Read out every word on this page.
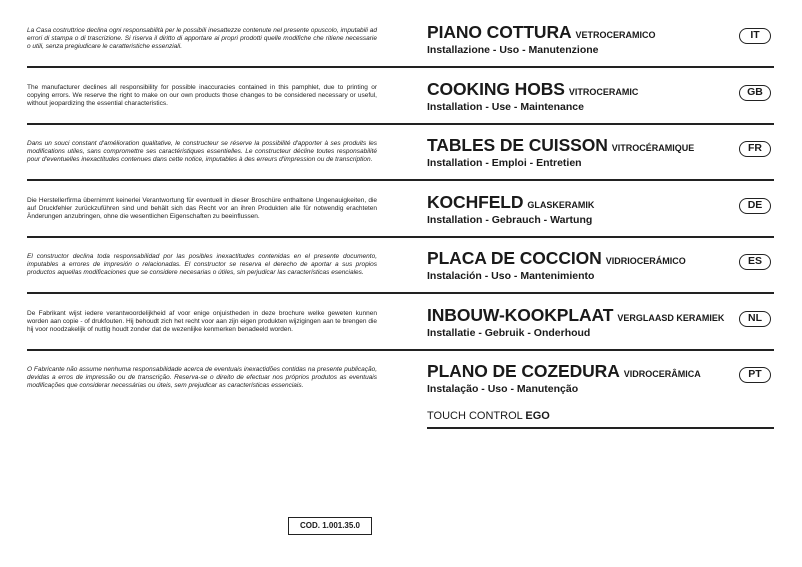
La Casa costruttrice declina ogni responsabilità per le possibili inesattezze contenute nel presente opuscolo, imputabili ad errori di stampa o di trascrizione. Si riserva il diritto di apportare ai propri prodotti quelle modifiche che ritiene necessarie o utili, senza pregiudicare le caratteristiche essenziali.
PIANO COTTURA VETROCERAMICO
Installazione - Uso - Manutenzione
IT
The manufacturer declines all responsibility for possible inaccuracies contained in this pamphlet, due to printing or copying errors. We reserve the right to make on our own products those changes to be considered necessary or useful, without jeopardizing the essential characteristics.
COOKING HOBS VITROCERAMIC
Installation - Use - Maintenance
GB
Dans un souci constant d'amélioration qualitative, le constructeur se réserve la possibilité d'apporter à ses produits les modifications utiles, sans compromettre ses caractéristiques essentielles. Le constructeur décline toutes responsabilité pour d'eventuelles inexactitudes contenues dans cette notice, imputables à des erreurs d'impression ou de transcription.
TABLES DE CUISSON VITROCÉRAMIQUE
Installation - Emploi - Entretien
FR
Die Herstellerfirma übernimmt keinerlei Verantwortung für eventuell in dieser Broschüre enthaltene Ungenauigkeiten, die auf Druckfehler zurückzuführen sind und behält sich das Recht vor an ihren Produkten alle für notwendig erachteten Änderungen anzubringen, ohne die wesentlichen Eigenschaften zu beeinflussen.
KOCHFELD GLASKERAMIK
Installation - Gebrauch - Wartung
DE
El constructor declina toda responsabilidad por las posibles inexactitudes contenidas en el presente documento, imputables a errores de impresión o relacionadas. El constructor se reserva el derecho de aportar a sus propios productos aquellas modificaciones que se considere necesarias o útiles, sin perjudicar las características esenciales.
PLACA DE COCCION VIDRIOCERÁMICO
Instalación - Uso - Mantenimiento
ES
De Fabrikant wijst iedere verantwoordelijkheid af voor enige onjuistheden in deze brochure welke geweten kunnen worden aan copie - of drukfouten. Hij behoudt zich het recht voor aan zijn eigen produkten wijzigingen aan te brengen die hij voor noodzakelijk of nuttig houdt zonder dat de wezenlijke kenmerken benadeeld worden.
INBOUW-KOOKPLAAT VERGLAASD KERAMIEK
Installatie - Gebruik - Onderhoud
NL
O Fabricante não assume nenhuma responsabilidade acerca de eventuais inexactidões contidas na presente publicação, devidas a erros de impressão ou de transcrição. Reserva-se o direito de efectuar nos próprios produtos as eventuais modificações que considerar necessárias ou úteis, sem prejudicar as características essenciais.
PLANO DE COZEDURA VIDROCERÂMICA
Instalação - Uso - Manutenção
PT
TOUCH CONTROL EGO
COD. 1.001.35.0
